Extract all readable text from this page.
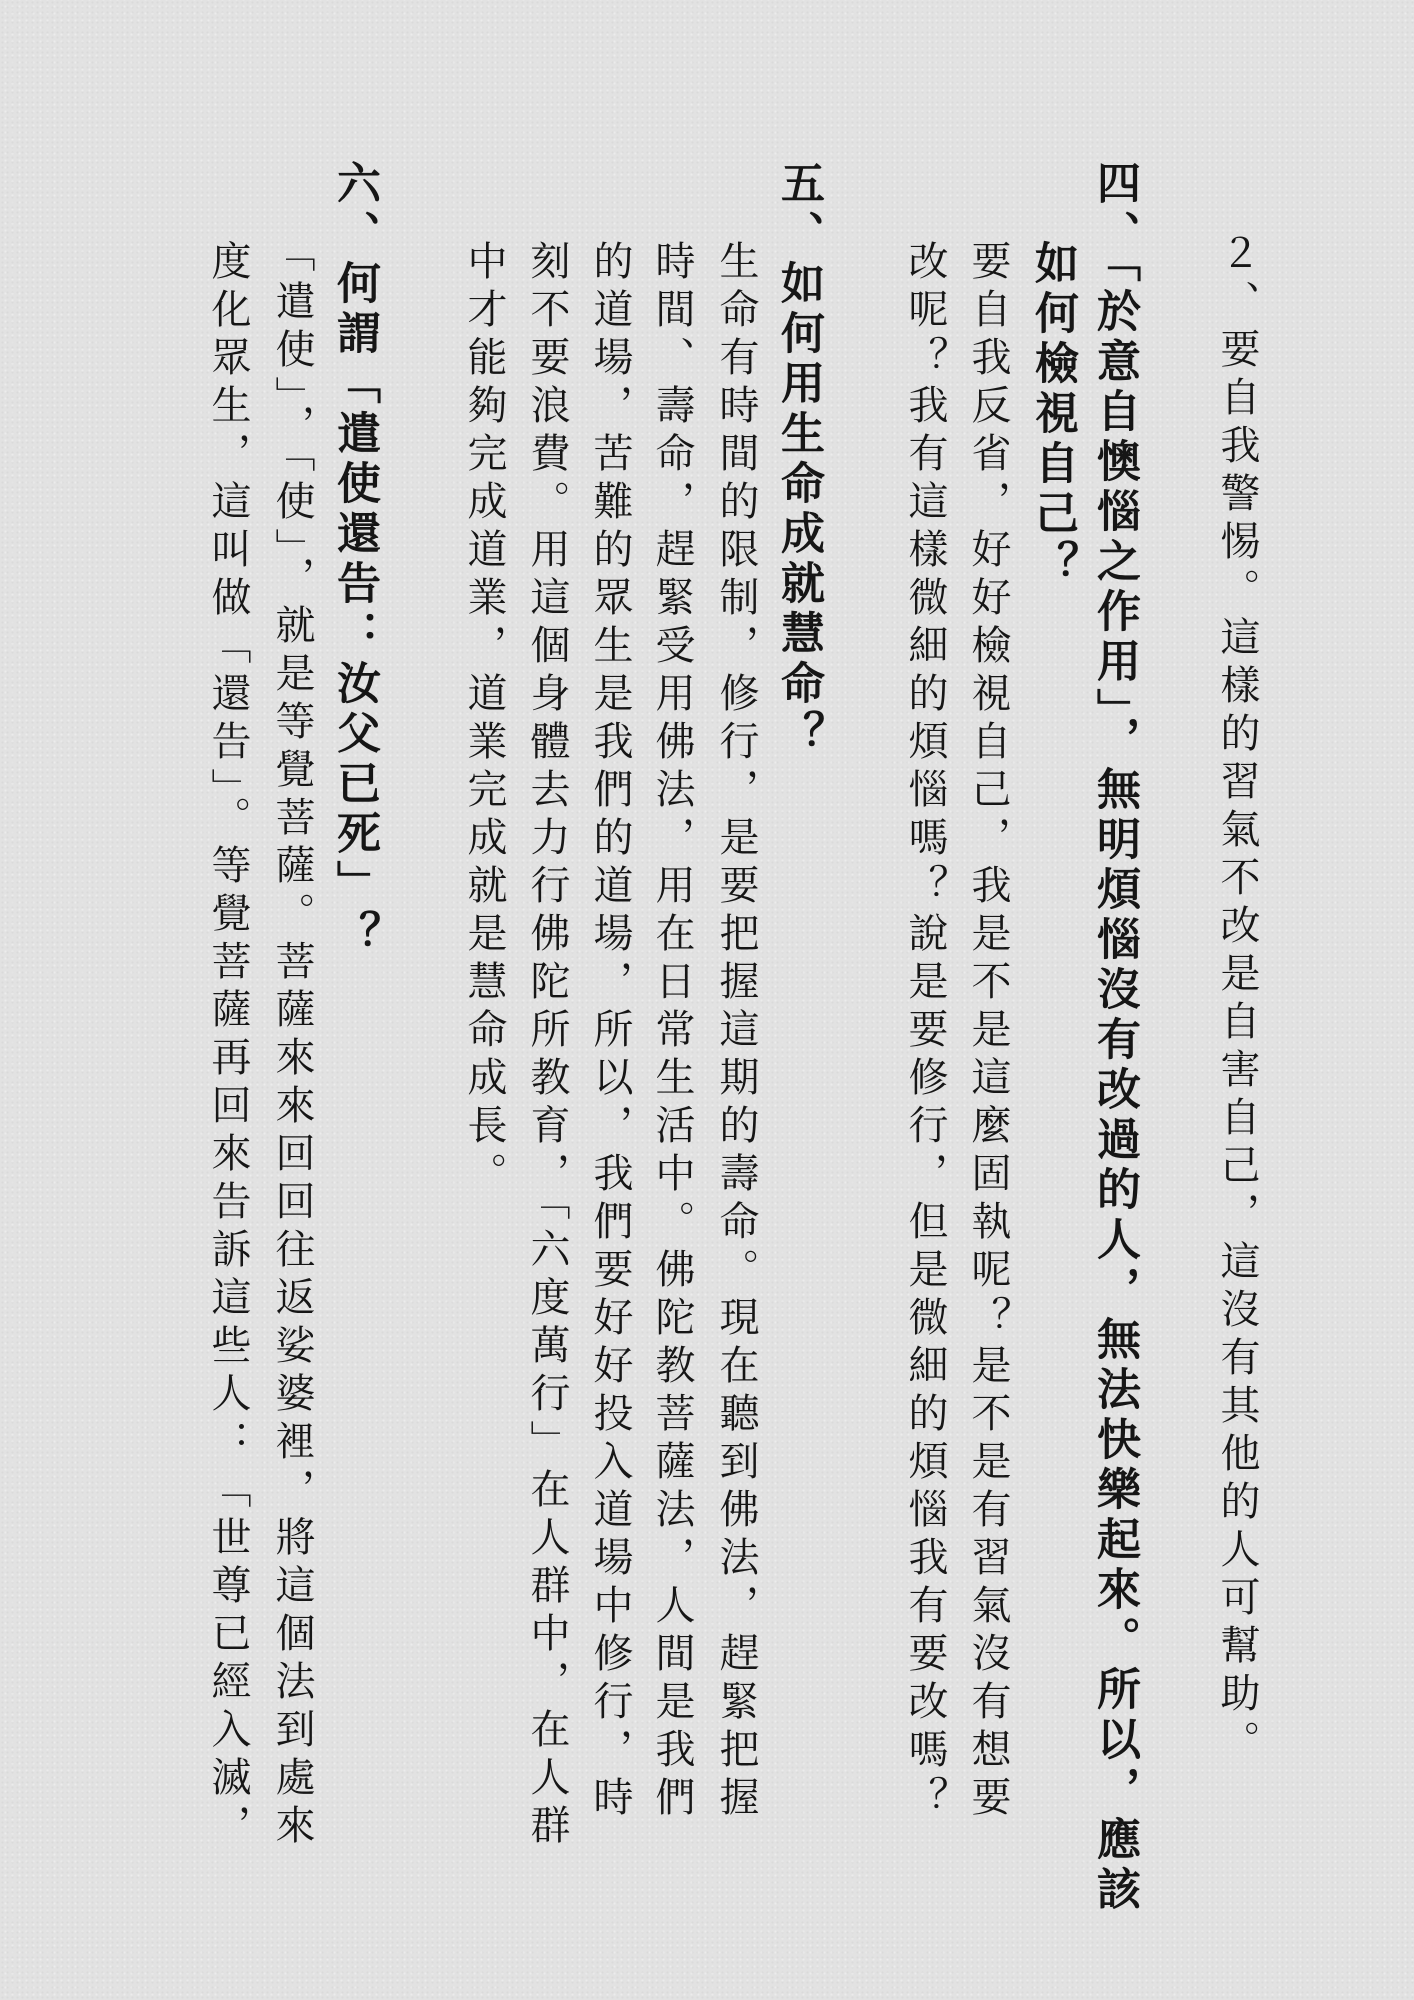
２、要自我警惕。這樣的習氣不改是自害自己，這沒有其他的人可幫助。
四、「於意自懊惱之作用」，無明煩惱沒有改過的人，無法快樂起來。所以，應該
如何檢視自己？
要自我反省，好好檢視自己，我是不是這麼固執呢？是不是有習氣沒有想要
改呢？我有這樣微細的煩惱嗎？說是要修行，但是微細的煩惱我有要改嗎？
五、如何用生命成就慧命？
生命有時間的限制，修行，是要把握這期的壽命。現在聽到佛法，趕緊把握
時間、壽命，趕緊受用佛法，用在日常生活中。佛陀教菩薩法，人間是我們
的道場，苦難的眾生是我們的道場，所以，我們要好好投入道場中修行，時
刻不要浪費。用這個身體去力行佛陀所教育，「六度萬行」在人群中，在人群
中才能夠完成道業，道業完成就是慧命成長。
六、何謂「遣使還告：汝父已死」？
「遣使」，「使」，就是等覺菩薩。菩薩來來回回往返娑婆裡，將這個法到處來
度化眾生，這叫做「還告」。等覺菩薩再回來告訴這些人：「世尊已經入滅，
